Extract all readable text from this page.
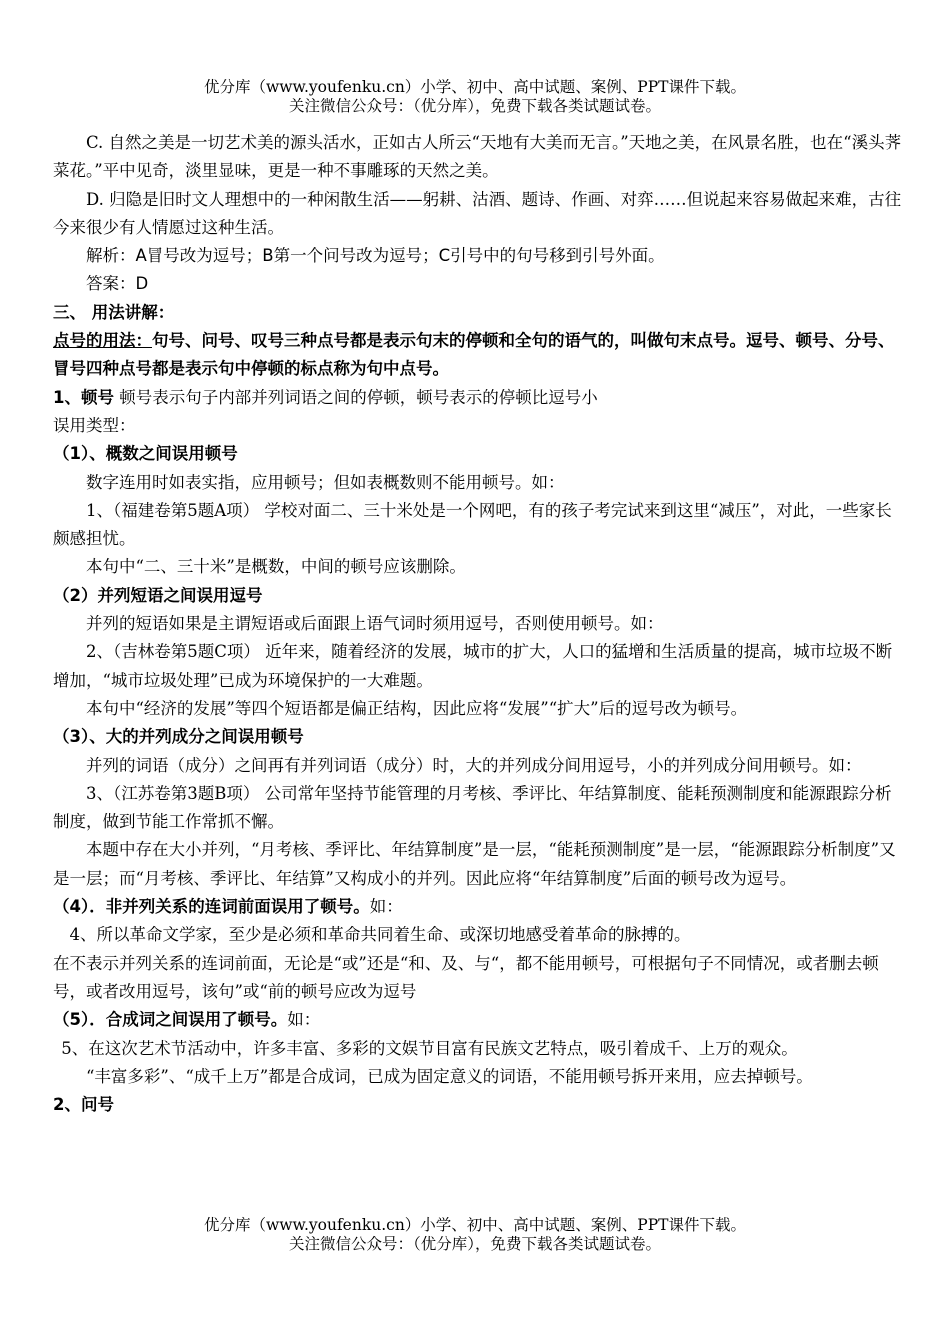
优分库（www.youfenku.cn）小学、初中、高中试题、案例、PPT课件下载。
关注微信公众号：（优分库），免费下载各类试题试卷。

C. 自然之美是一切艺术美的源头活水，正如古人所云“天地有大美而无言。”天地之美，在风景名胜，也在“溪头荠菜花。”平中见奇，淡里显味，更是一种不事雕琢的天然之美。

D. 归隐是旧时文人理想中的一种闲散生活——躬耕、沽酒、题诗、作画、对弈……但说起来容易做起来难，古往今来很少有人情愿过这种生活。

解析：A冒号改为逗号；B第一个问号改为逗号；C引号中的句号移到引号外面。

答案：D

三、 用法讲解：

点号的用法：句号、问号、叹号三种点号都是表示句末的停顿和全句的语气的，叫做句末点号。逗号、顿号、分号、冒号四种点号都是表示句中停顿的标点称为句中点号。

1、顿号 顿号表示句子内部并列词语之间的停顿，顿号表示的停顿比逗号小

误用类型：

（1）、概数之间误用顿号

数字连用时如表实指，应用顿号；但如表概数则不能用顿号。如：

1、（福建卷第5题A项） 学校对面二、三十米处是一个网吧，有的孩子考完试来到这里“减压”，对此，一些家长颇感担忧。

本句中“二、三十米”是概数，中间的顿号应该删除。

（2）并列短语之间误用逗号

并列的短语如果是主谓短语或后面跟上语气词时须用逗号，否则使用顿号。如：

2、（吉林卷第5题C项） 近年来，随着经济的发展，城市的扩大，人口的猛增和生活质量的提高，城市垃圾不断增加，“城市垃圾处理”已成为环境保护的一大难题。

本句中“经济的发展”等四个短语都是偏正结构，因此应将“发展”“扩大”后的逗号改为顿号。

（3）、大的并列成分之间误用顿号

并列的词语（成分）之间再有并列词语（成分）时，大的并列成分间用逗号，小的并列成分间用顿号。如：

3、（江苏卷第3题B项） 公司常年坚持节能管理的月考核、季评比、年结算制度、能耗预测制度和能源跟踪分析制度，做到节能工作常抓不懈。

本题中存在大小并列，“月考核、季评比、年结算制度”是一层，“能耗预测制度”是一层，“能源跟踪分析制度”又是一层；而“月考核、季评比、年结算”又构成小的并列。因此应将“年结算制度”后面的顿号改为逗号。

（4）．非并列关系的连词前面误用了顿号。如：

4、所以革命文学家，至少是必须和革命共同着生命、或深切地感受着革命的脉搏的。

在不表示并列关系的连词前面，无论是“或”还是“和、及、与“，都不能用顿号，可根据句子不同情况，或者删去顿号，或者改用逗号，该句”或“前的顿号应改为逗号

（5）．合成词之间误用了顿号。如：

5、在这次艺术节活动中，许多丰富、多彩的文娱节目富有民族文艺特点，吸引着成千、上万的观众。

“丰富多彩”、“成千上万”都是合成词，已成为固定意义的词语，不能用顿号拆开来用，应去掉顿号。

2、问号

优分库（www.youfenku.cn）小学、初中、高中试题、案例、PPT课件下载。
关注微信公众号：（优分库），免费下载各类试题试卷。
